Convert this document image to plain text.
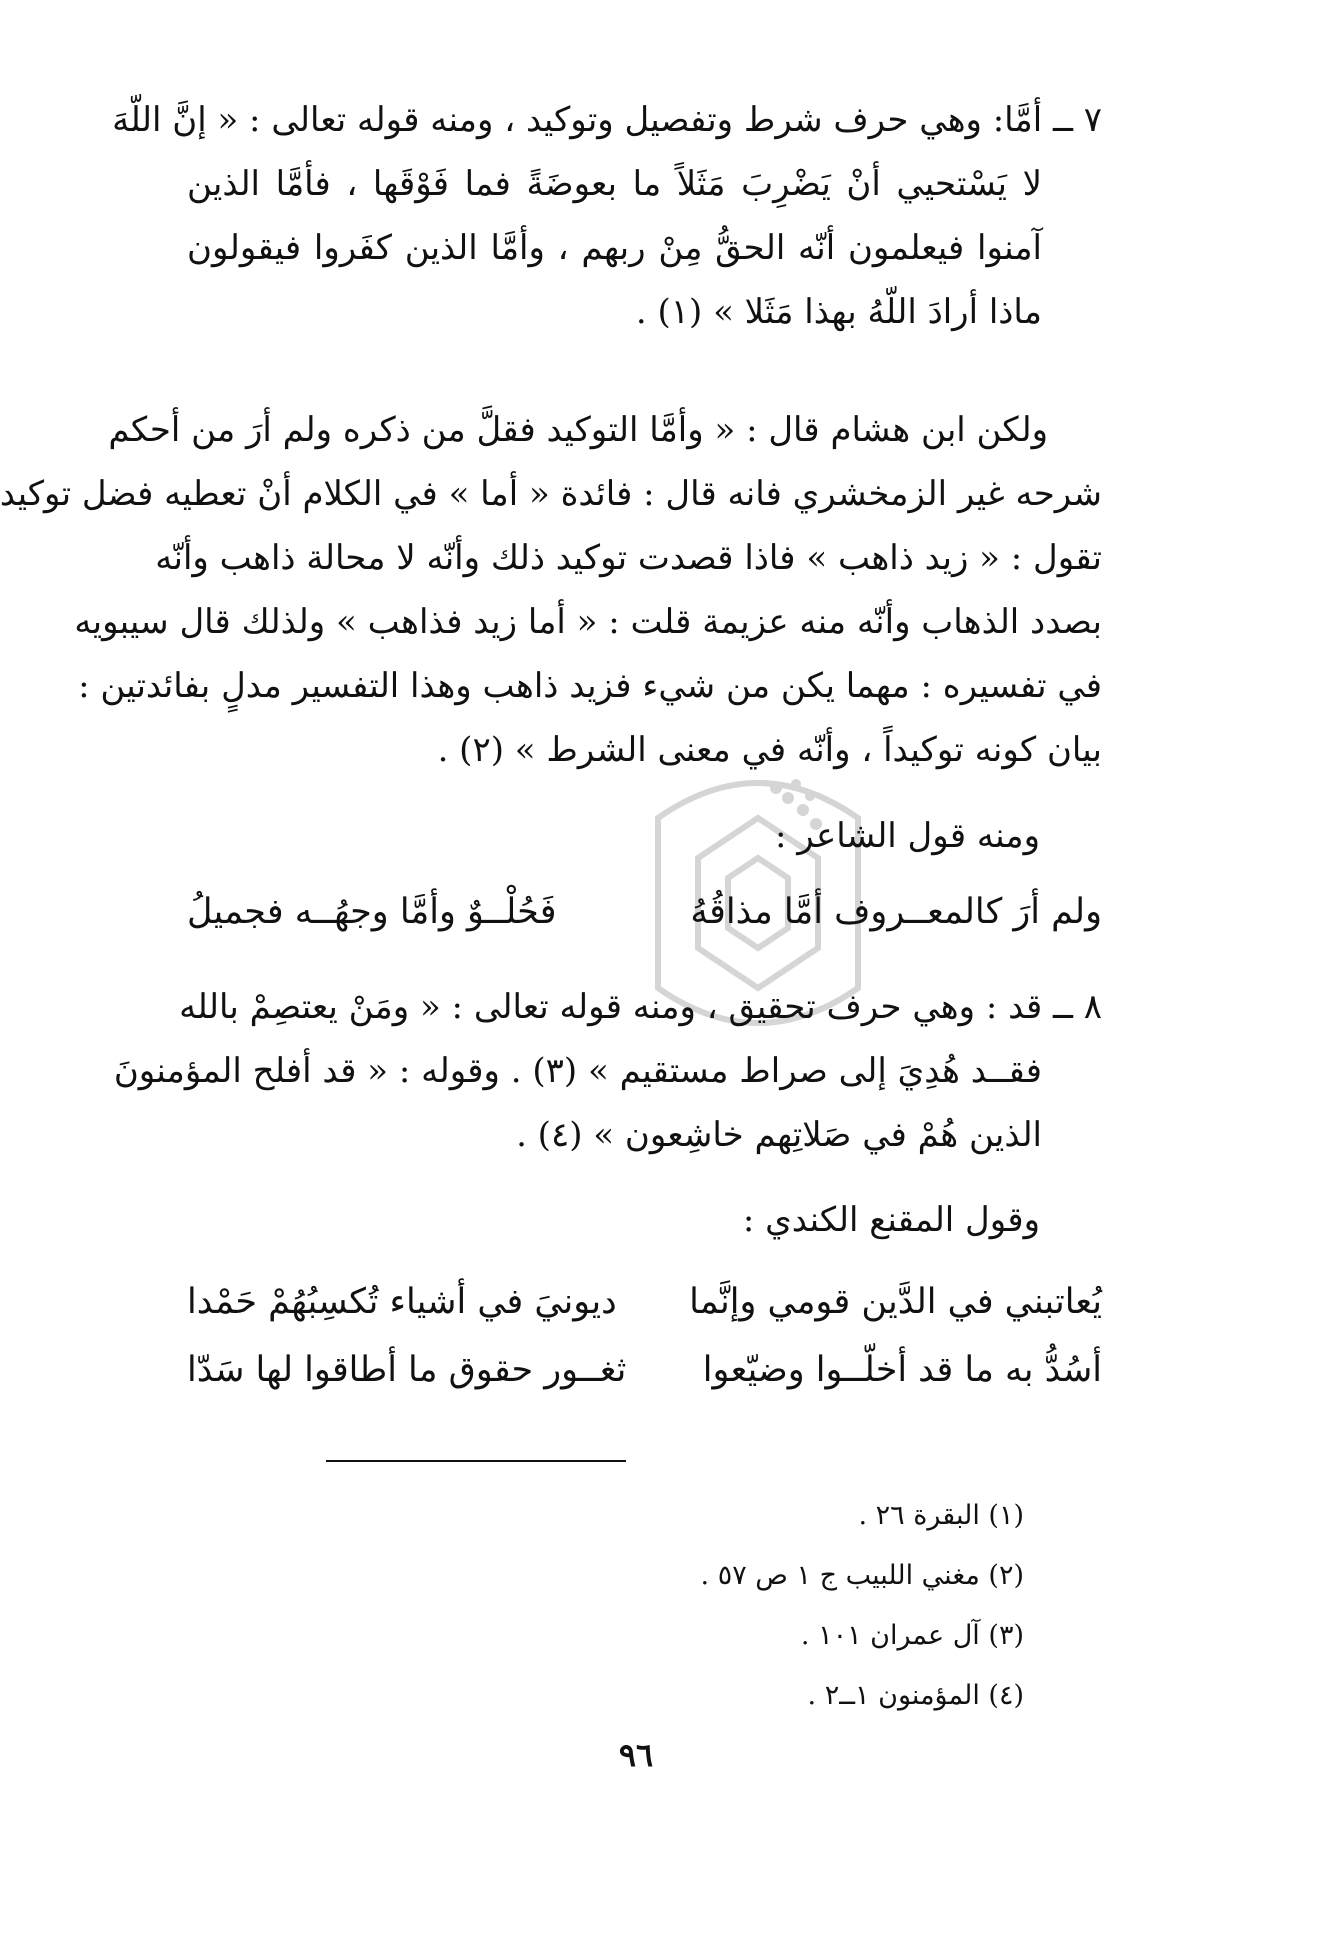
٧ ــ أمَّا: وهي حرف شرط وتفصيل وتوكيد ، ومنه قوله تعالى : « إنَّ اللّهَ
لا يَسْتحيي أنْ يَضْرِبَ مَثَلاً ما بعوضَةً فما فَوْقَها ، فأمَّا الذين
آمنوا فيعلمون أنّه الحقُّ مِنْ ربهم ، وأمَّا الذين كفَروا فيقولون
ماذا أرادَ اللّهُ بهذا مَثَلا » (١) .
ولكن ابن هشام قال : « وأمَّا التوكيد فقلَّ من ذكره ولم أرَ من أحكم
شرحه غير الزمخشري فانه قال : فائدة « أما » في الكلام أنْ تعطيه فضل توكيد
تقول : « زيد ذاهب » فاذا قصدت توكيد ذلك وأنّه لا محالة ذاهب وأنّه
بصدد الذهاب وأنّه منه عزيمة قلت : « أما زيد فذاهب » ولذلك قال سيبويه
في تفسيره : مهما يكن من شيء فزيد ذاهب وهذا التفسير مدلٍ بفائدتين :
بيان كونه توكيداً ، وأنّه في معنى الشرط » (٢) .
ومنه قول الشاعر :
ولم أرَ كالمعــروف أمَّا مذاقُهُ
فَحُلْــوٌ وأمَّا وجهُــه فجميلُ
٨ ــ قد : وهي حرف تحقيق ، ومنه قوله تعالى : « ومَنْ يعتصِمْ بالله
فقــد هُدِيَ إلى صراط مستقيم » (٣) . وقوله : « قد أفلح المؤمنونَ
الذين هُمْ في صَلاتِهم خاشِعون » (٤) .
وقول المقنع الكندي :
يُعاتبني في الدَّين قومي وإنَّما
ديونيَ في أشياء تُكسِبُهُمْ حَمْدا
أسُدُّ به ما قد أخلّــوا وضيّعوا
ثغــور حقوق ما أطاقوا لها سَدّا
(١) البقرة ٢٦ .
(٢) مغني اللبيب ج ١ ص ٥٧ .
(٣) آل عمران ١٠١ .
(٤) المؤمنون ١ــ٢ .
٩٦
